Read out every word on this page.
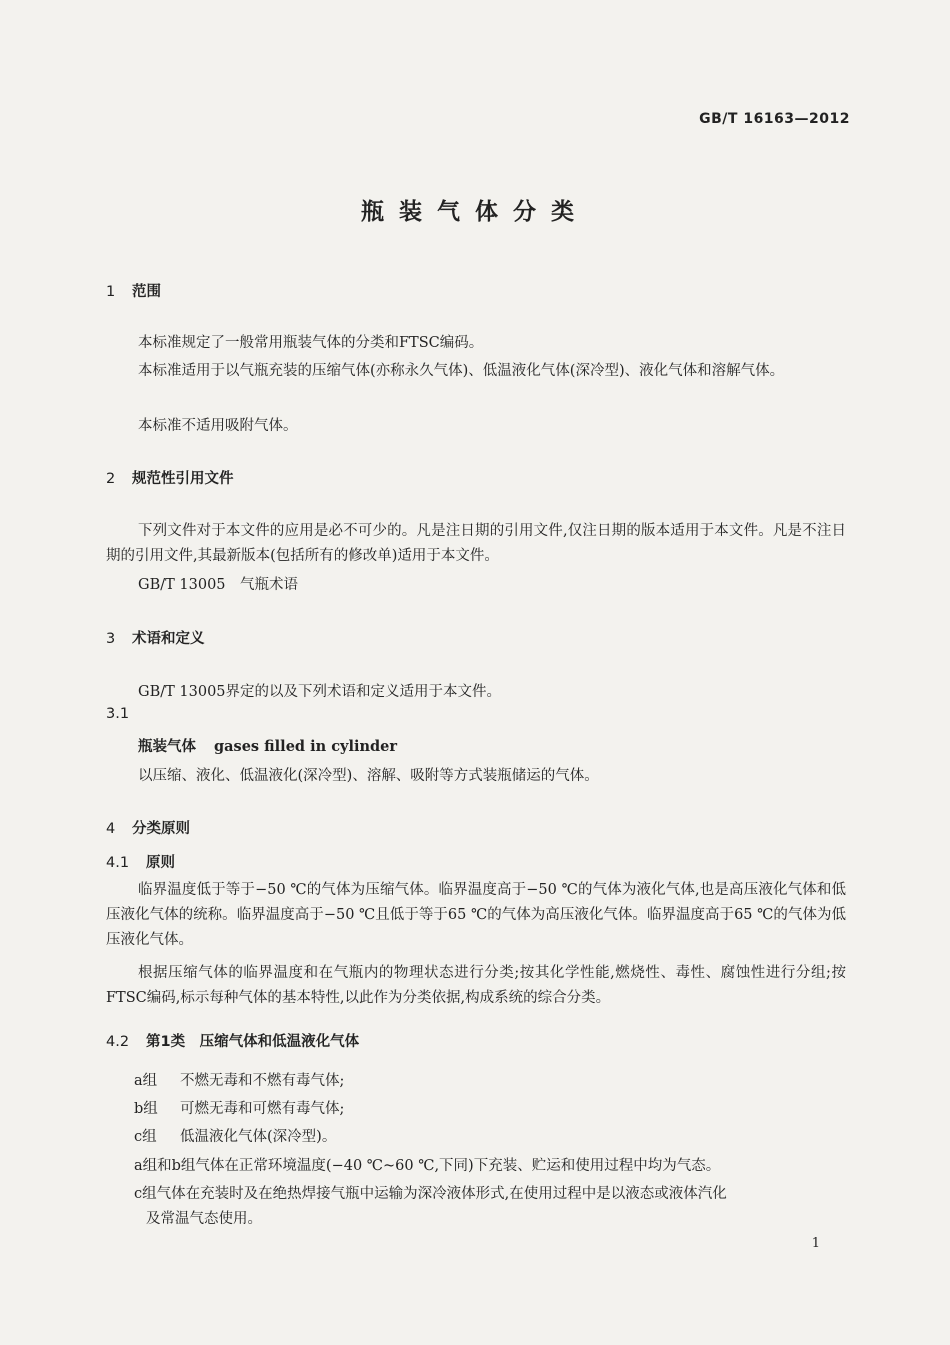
GB/T 16163—2012
瓶装气体分类
1 范围
本标准规定了一般常用瓶装气体的分类和FTSC编码。
本标准适用于以气瓶充装的压缩气体(亦称永久气体)、低温液化气体(深冷型)、液化气体和溶解气体。
本标准不适用吸附气体。
2 规范性引用文件
下列文件对于本文件的应用是必不可少的。凡是注日期的引用文件,仅注日期的版本适用于本文件。凡是不注日期的引用文件,其最新版本(包括所有的修改单)适用于本文件。
GB/T 13005　气瓶术语
3 术语和定义
GB/T 13005界定的以及下列术语和定义适用于本文件。
3.1
瓶装气体 gases filled in cylinder
以压缩、液化、低温液化(深冷型)、溶解、吸附等方式装瓶储运的气体。
4 分类原则
4.1 原则
临界温度低于等于−50 ℃的气体为压缩气体。临界温度高于−50 ℃的气体为液化气体,也是高压液化气体和低压液化气体的统称。临界温度高于−50 ℃且低于等于65 ℃的气体为高压液化气体。临界温度高于65 ℃的气体为低压液化气体。
根据压缩气体的临界温度和在气瓶内的物理状态进行分类;按其化学性能,燃烧性、毒性、腐蚀性进行分组;按FTSC编码,标示每种气体的基本特性,以此作为分类依据,构成系统的综合分类。
4.2 第1类　压缩气体和低温液化气体
a组 不燃无毒和不燃有毒气体;
b组 可燃无毒和可燃有毒气体;
c组 低温液化气体(深冷型)。
a组和b组气体在正常环境温度(−40 ℃~60 ℃,下同)下充装、贮运和使用过程中均为气态。
c组气体在充装时及在绝热焊接气瓶中运输为深冷液体形式,在使用过程中是以液态或液体汽化
及常温气态使用。
1
